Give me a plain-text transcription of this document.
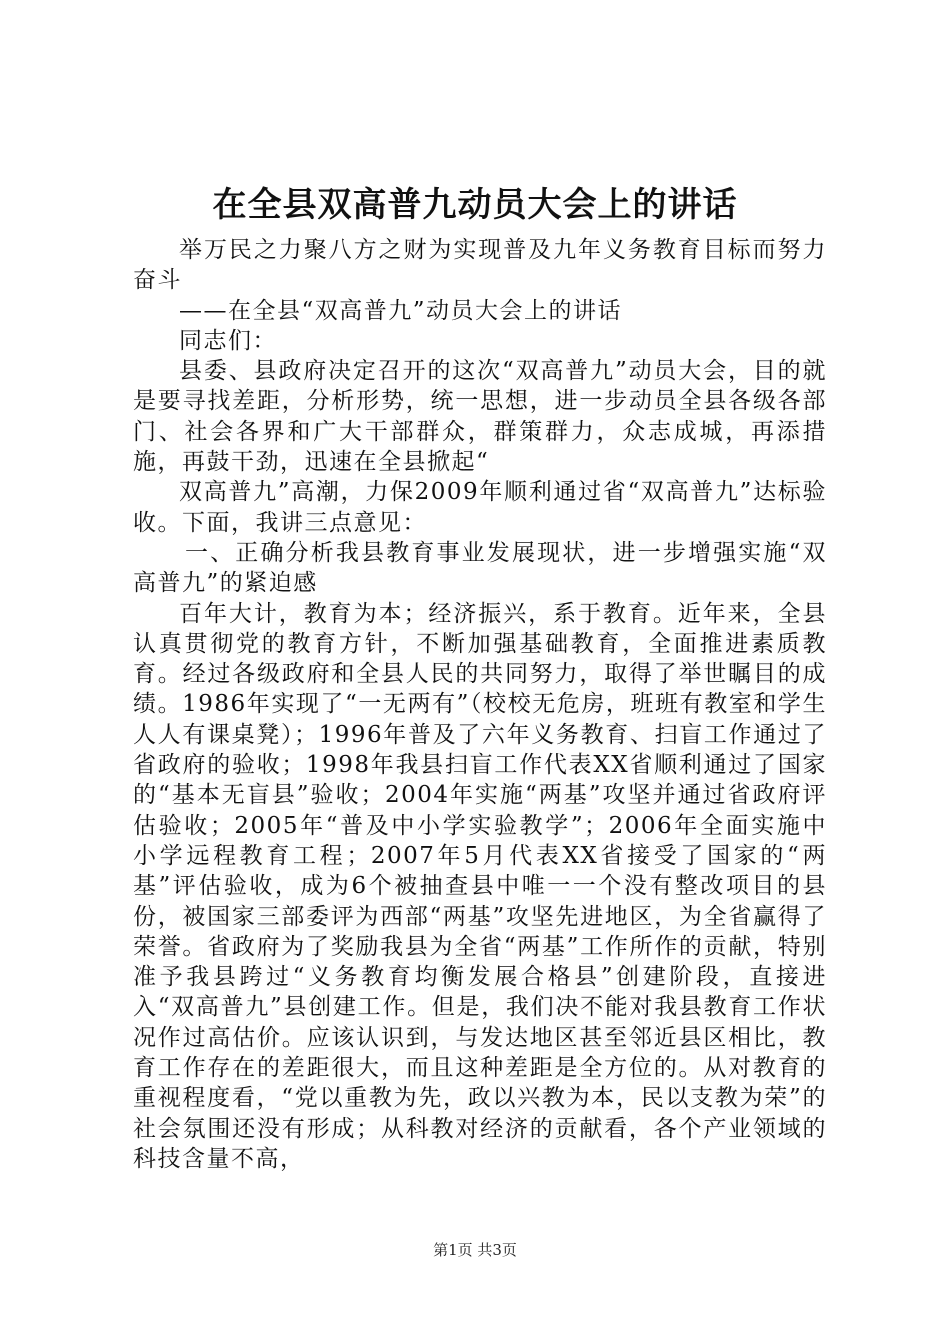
在全县双高普九动员大会上的讲话

举万民之力聚八方之财为实现普及九年义务教育目标而努力奋斗

——在全县“双高普九”动员大会上的讲话

同志们：

县委、县政府决定召开的这次“双高普九”动员大会，目的就是要寻找差距，分析形势，统一思想，进一步动员全县各级各部门、社会各界和广大干部群众，群策群力，众志成城，再添措施，再鼓干劲，迅速在全县掀起“

双高普九”高潮，力保2009年顺利通过省“双高普九”达标验收。下面，我讲三点意见：

一、正确分析我县教育事业发展现状，进一步增强实施“双高普九”的紧迫感

百年大计，教育为本；经济振兴，系于教育。近年来，全县认真贯彻党的教育方针，不断加强基础教育，全面推进素质教育。经过各级政府和全县人民的共同努力，取得了举世瞩目的成绩。1986年实现了“一无两有”（校校无危房，班班有教室和学生人人有课桌凳）；1996年普及了六年义务教育、扫盲工作通过了省政府的验收；1998年我县扫盲工作代表XX省顺利通过了国家的“基本无盲县”验收；2004年实施“两基”攻坚并通过省政府评估验收；2005年“普及中小学实验教学”；2006年全面实施中小学远程教育工程；2007年5月代表XX省接受了国家的“两基”评估验收，成为6个被抽查县中唯一一个没有整改项目的县份，被国家三部委评为西部“两基”攻坚先进地区，为全省赢得了荣誉。省政府为了奖励我县为全省“两基”工作所作的贡献，特别准予我县跨过“义务教育均衡发展合格县”创建阶段，直接进入“双高普九”县创建工作。但是，我们决不能对我县教育工作状况作过高估价。应该认识到，与发达地区甚至邻近县区相比，教育工作存在的差距很大，而且这种差距是全方位的。从对教育的重视程度看，“党以重教为先，政以兴教为本，民以支教为荣”的社会氛围还没有形成；从科教对经济的贡献看，各个产业领域的科技含量不高，

第1页 共3页
